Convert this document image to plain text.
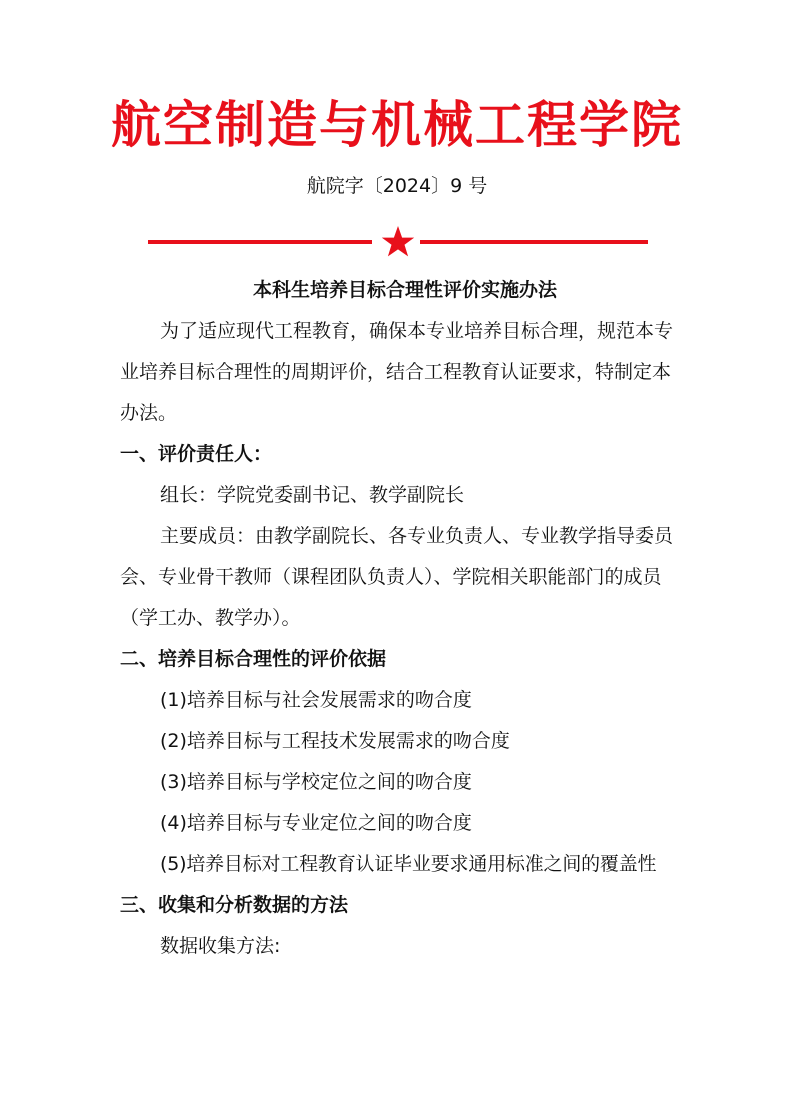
航空制造与机械工程学院
航院字〔2024〕9 号

本科生培养目标合理性评价实施办法

为了适应现代工程教育，确保本专业培养目标合理，规范本专业培养目标合理性的周期评价，结合工程教育认证要求，特制定本办法。

一、评价责任人：

组长：学院党委副书记、教学副院长

主要成员：由教学副院长、各专业负责人、专业教学指导委员会、专业骨干教师（课程团队负责人）、学院相关职能部门的成员（学工办、教学办）。

二、培养目标合理性的评价依据

(1)培养目标与社会发展需求的吻合度

(2)培养目标与工程技术发展需求的吻合度

(3)培养目标与学校定位之间的吻合度

(4)培养目标与专业定位之间的吻合度

(5)培养目标对工程教育认证毕业要求通用标准之间的覆盖性

三、收集和分析数据的方法

数据收集方法:
